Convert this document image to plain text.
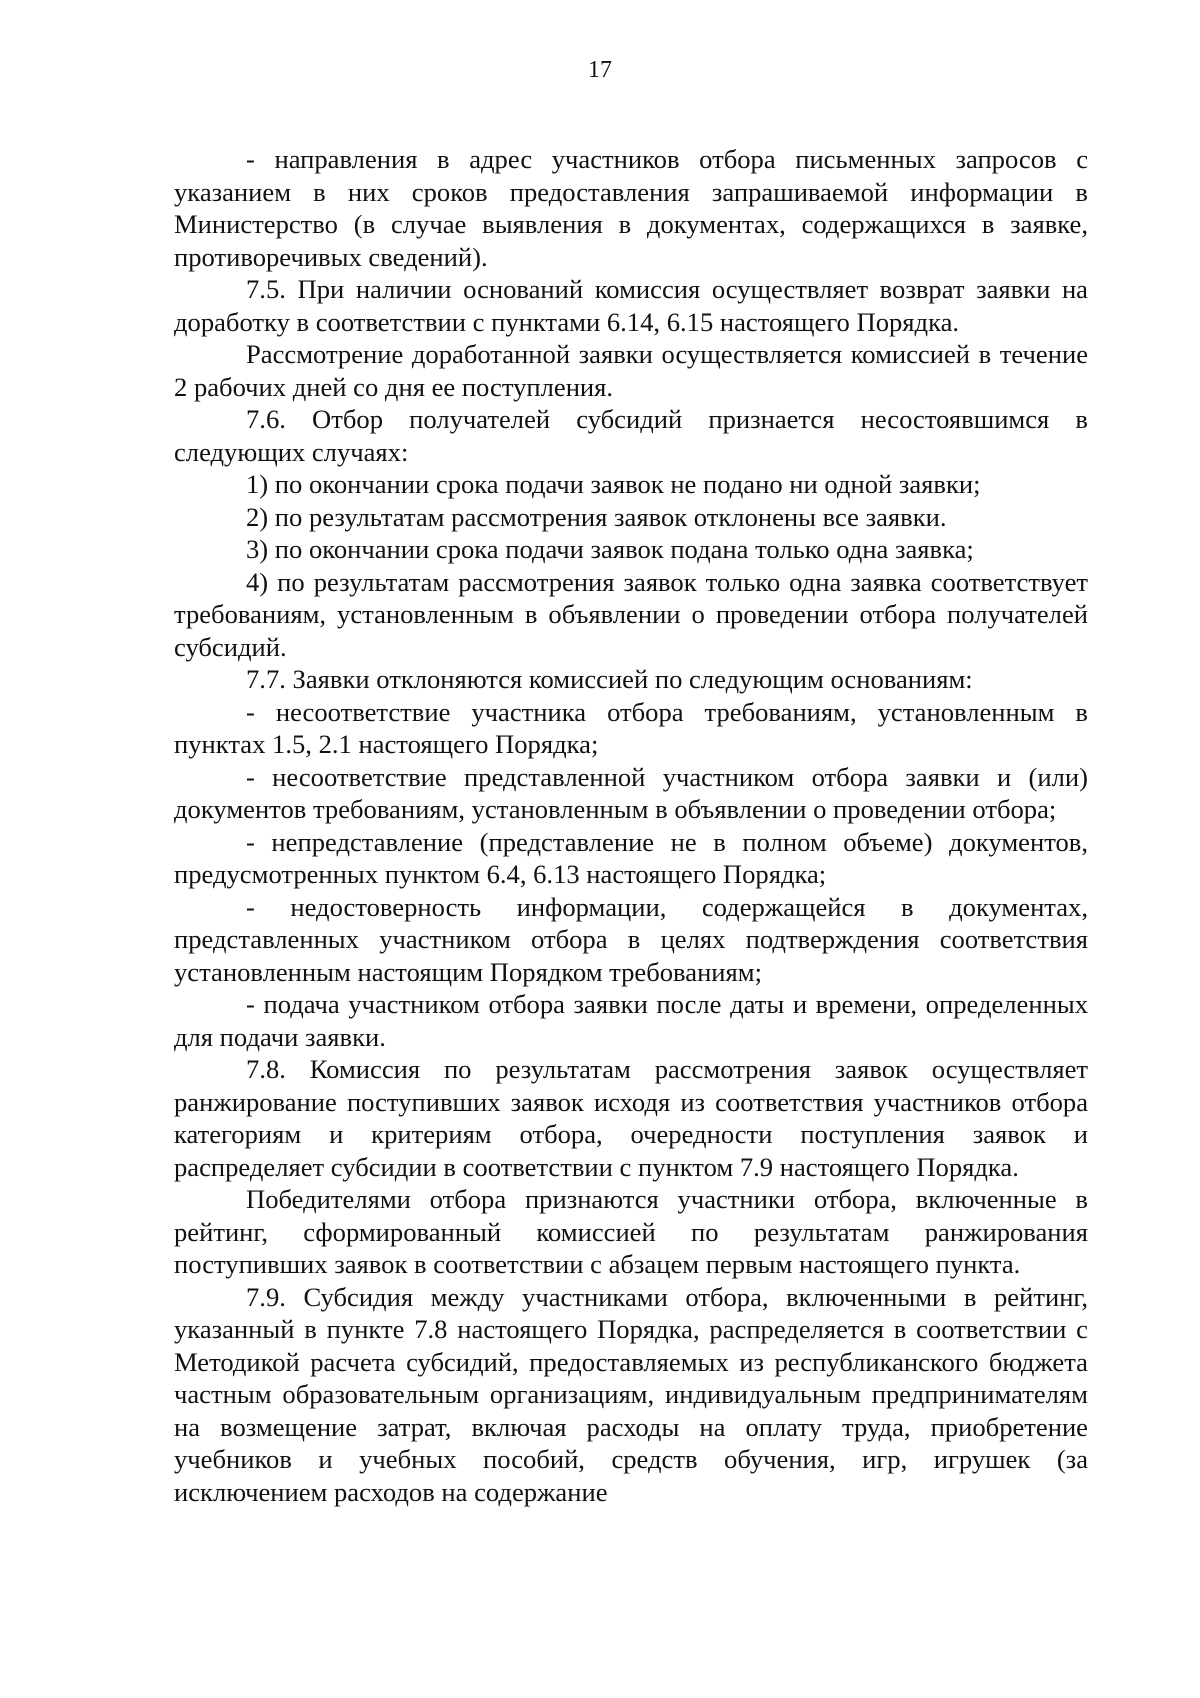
17

- направления в адрес участников отбора письменных запросов с указанием в них сроков предоставления запрашиваемой информации в Министерство (в случае выявления в документах, содержащихся в заявке, противоречивых сведений).

7.5. При наличии оснований комиссия осуществляет возврат заявки на доработку в соответствии с пунктами 6.14, 6.15 настоящего Порядка.

Рассмотрение доработанной заявки осуществляется комиссией в течение 2 рабочих дней со дня ее поступления.

7.6. Отбор получателей субсидий признается несостоявшимся в следующих случаях:

1) по окончании срока подачи заявок не подано ни одной заявки;

2) по результатам рассмотрения заявок отклонены все заявки.

3) по окончании срока подачи заявок подана только одна заявка;

4) по результатам рассмотрения заявок только одна заявка соответствует требованиям, установленным в объявлении о проведении отбора получателей субсидий.

7.7. Заявки отклоняются комиссией по следующим основаниям:

- несоответствие участника отбора требованиям, установленным в пунктах 1.5, 2.1 настоящего Порядка;

- несоответствие представленной участником отбора заявки и (или) документов требованиям, установленным в объявлении о проведении отбора;

- непредставление (представление не в полном объеме) документов, предусмотренных пунктом 6.4, 6.13 настоящего Порядка;

- недостоверность информации, содержащейся в документах, представленных участником отбора в целях подтверждения соответствия установленным настоящим Порядком требованиям;

- подача участником отбора заявки после даты и времени, определенных для подачи заявки.

7.8. Комиссия по результатам рассмотрения заявок осуществляет ранжирование поступивших заявок исходя из соответствия участников отбора категориям и критериям отбора, очередности поступления заявок и распределяет субсидии в соответствии с пунктом 7.9 настоящего Порядка.

Победителями отбора признаются участники отбора, включенные в рейтинг, сформированный комиссией по результатам ранжирования поступивших заявок в соответствии с абзацем первым настоящего пункта.

7.9. Субсидия между участниками отбора, включенными в рейтинг, указанный в пункте 7.8 настоящего Порядка, распределяется в соответствии с Методикой расчета субсидий, предоставляемых из республиканского бюджета частным образовательным организациям, индивидуальным предпринимателям на возмещение затрат, включая расходы на оплату труда, приобретение учебников и учебных пособий, средств обучения, игр, игрушек (за исключением расходов на содержание
